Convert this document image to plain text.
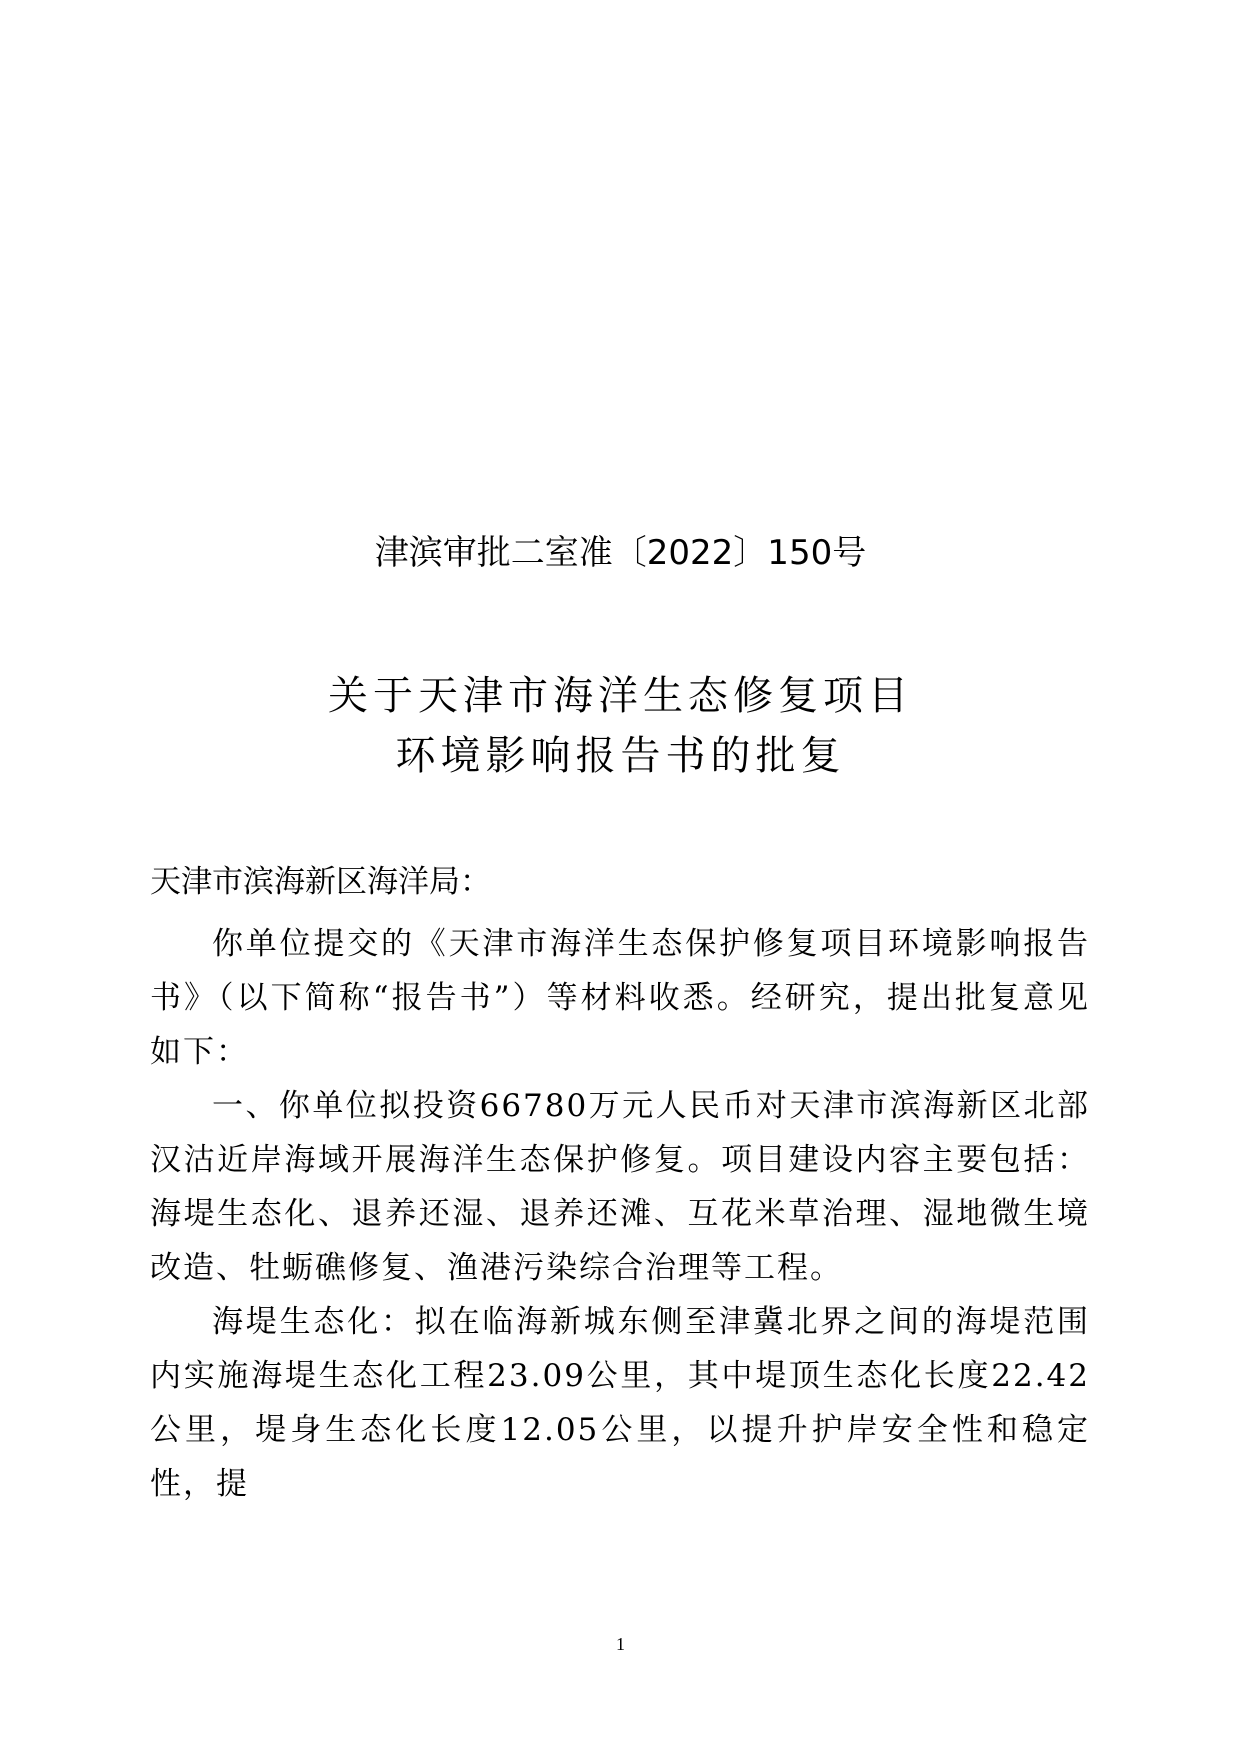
津滨审批二室准〔2022〕150号
关于天津市海洋生态修复项目
环境影响报告书的批复
天津市滨海新区海洋局：

你单位提交的《天津市海洋生态保护修复项目环境影响报告书》（以下简称“报告书”）等材料收悉。经研究，提出批复意见如下：

一、你单位拟投资66780万元人民币对天津市滨海新区北部汉沽近岸海域开展海洋生态保护修复。项目建设内容主要包括：海堤生态化、退养还湿、退养还滩、互花米草治理、湿地微生境改造、牡蛎礁修复、渔港污染综合治理等工程。

海堤生态化：拟在临海新城东侧至津冀北界之间的海堤范围内实施海堤生态化工程23.09公里，其中堤顶生态化长度22.42公里，堤身生态化长度12.05公里，以提升护岸安全性和稳定性，提

1
